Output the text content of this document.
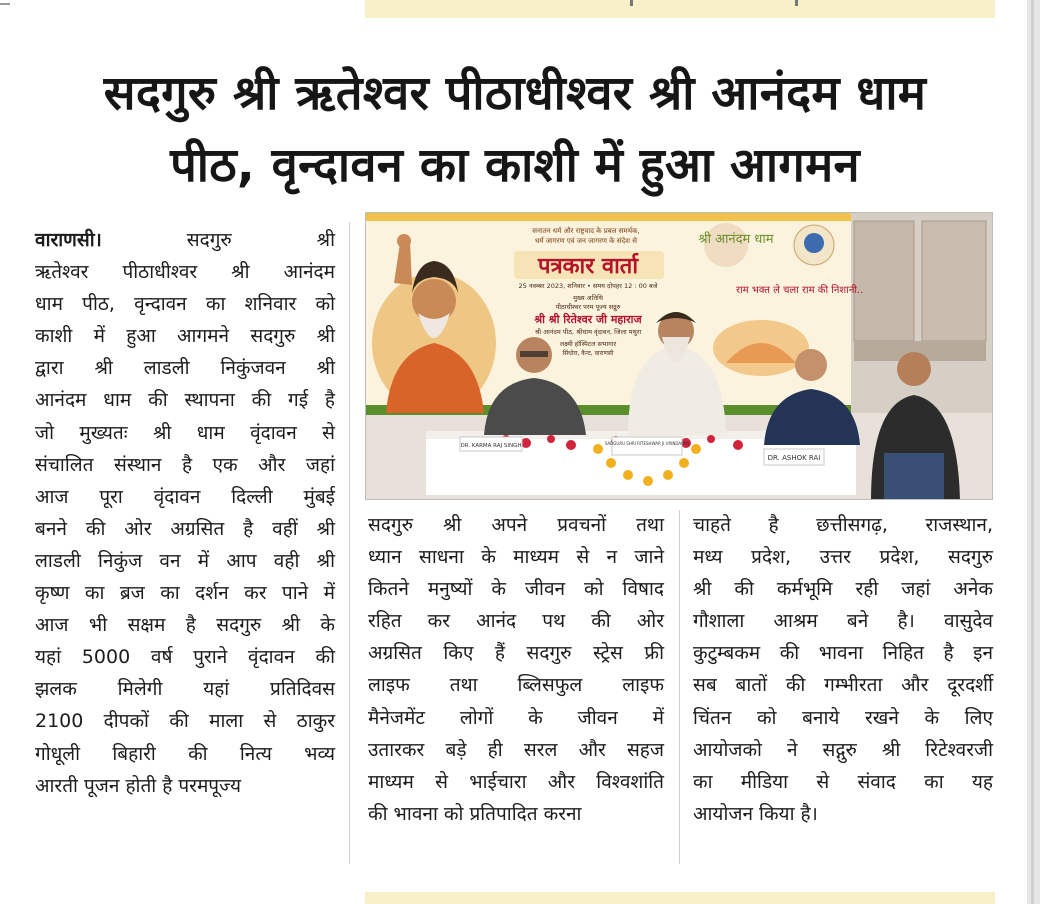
सदगुरु श्री ऋतेश्वर पीठाधीश्वर श्री आनंदम धाम
पीठ, वृन्दावन का काशी में हुआ आगमन

वाराणसी। सदगुरु श्री

ऋतेश्वर पीठाधीश्वर श्री आनंदम

धाम पीठ, वृन्दावन का शनिवार को

काशी में हुआ आगमने सदगुरु श्री

द्वारा श्री लाडली निकुंजवन श्री

आनंदम धाम की स्थापना की गई है

जो मुख्यतः श्री धाम वृंदावन से

संचालित संस्थान है एक और जहां

आज पूरा वृंदावन दिल्ली मुंबई

बनने की ओर अग्रसित है वहीं श्री

लाडली निकुंज वन में आप वही श्री

कृष्ण का ब्रज का दर्शन कर पाने में

आज भी सक्षम है सदगुरु श्री के

यहां 5000 वर्ष पुराने वृंदावन की

झलक मिलेगी यहां प्रतिदिवस

2100 दीपकों की माला से ठाकुर

गोधूली बिहारी की नित्य भव्य

आरती पूजन होती है परमपूज्य

सनातन धर्म और राष्ट्रवाद के प्रबल समर्थक,
धर्म जागरण एवं जन जागरण के संदेश से
पत्रकार वार्ता
25 नवम्बर 2023, शनिवार • समय दोपहर 12 : 00 बजे
मुख्य अतिथि
पीठाधीश्वर परम पूज्य सद्गुरु
श्री श्री रितेश्वर जी महाराज
श्री आनंदम पीठ, श्रीधाम वृंदावन, जिला मथुरा
लक्ष्मी हॉस्पिटल सभागार
सिंधोरा, कैन्ट, वाराणसी
श्री आनंदम धाम
राम भक्त ले चला राम की निशानी..
DR. KARMA RAJ SINGH	SADGURU SHRI RITESHWAR JI VRINDAVAN
DR. ASHOK RAI

सदगुरु श्री अपने प्रवचनों तथा

ध्यान साधना के माध्यम से न जाने

कितने मनुष्यों के जीवन को विषाद

रहित कर आनंद पथ की ओर

अग्रसित किए हैं सदगुरु स्ट्रेस फ्री

लाइफ तथा ब्लिसफुल लाइफ

मैनेजमेंट लोगों के जीवन में

उतारकर बड़े ही सरल और सहज

माध्यम से भाईचारा और विश्वशांति

की भावना को प्रतिपादित करना

चाहते है छत्तीसगढ़, राजस्थान,

मध्य प्रदेश, उत्तर प्रदेश, सदगुरु

श्री की कर्मभूमि रही जहां अनेक

गौशाला आश्रम बने है। वासुदेव

कुटुम्बकम की भावना निहित है इन

सब बातों की गम्भीरता और दूरदर्शी

चिंतन को बनाये रखने के लिए

आयोजको ने सद्गुरु श्री रिटेश्वरजी

का मीडिया से संवाद का यह

आयोजन किया है।
